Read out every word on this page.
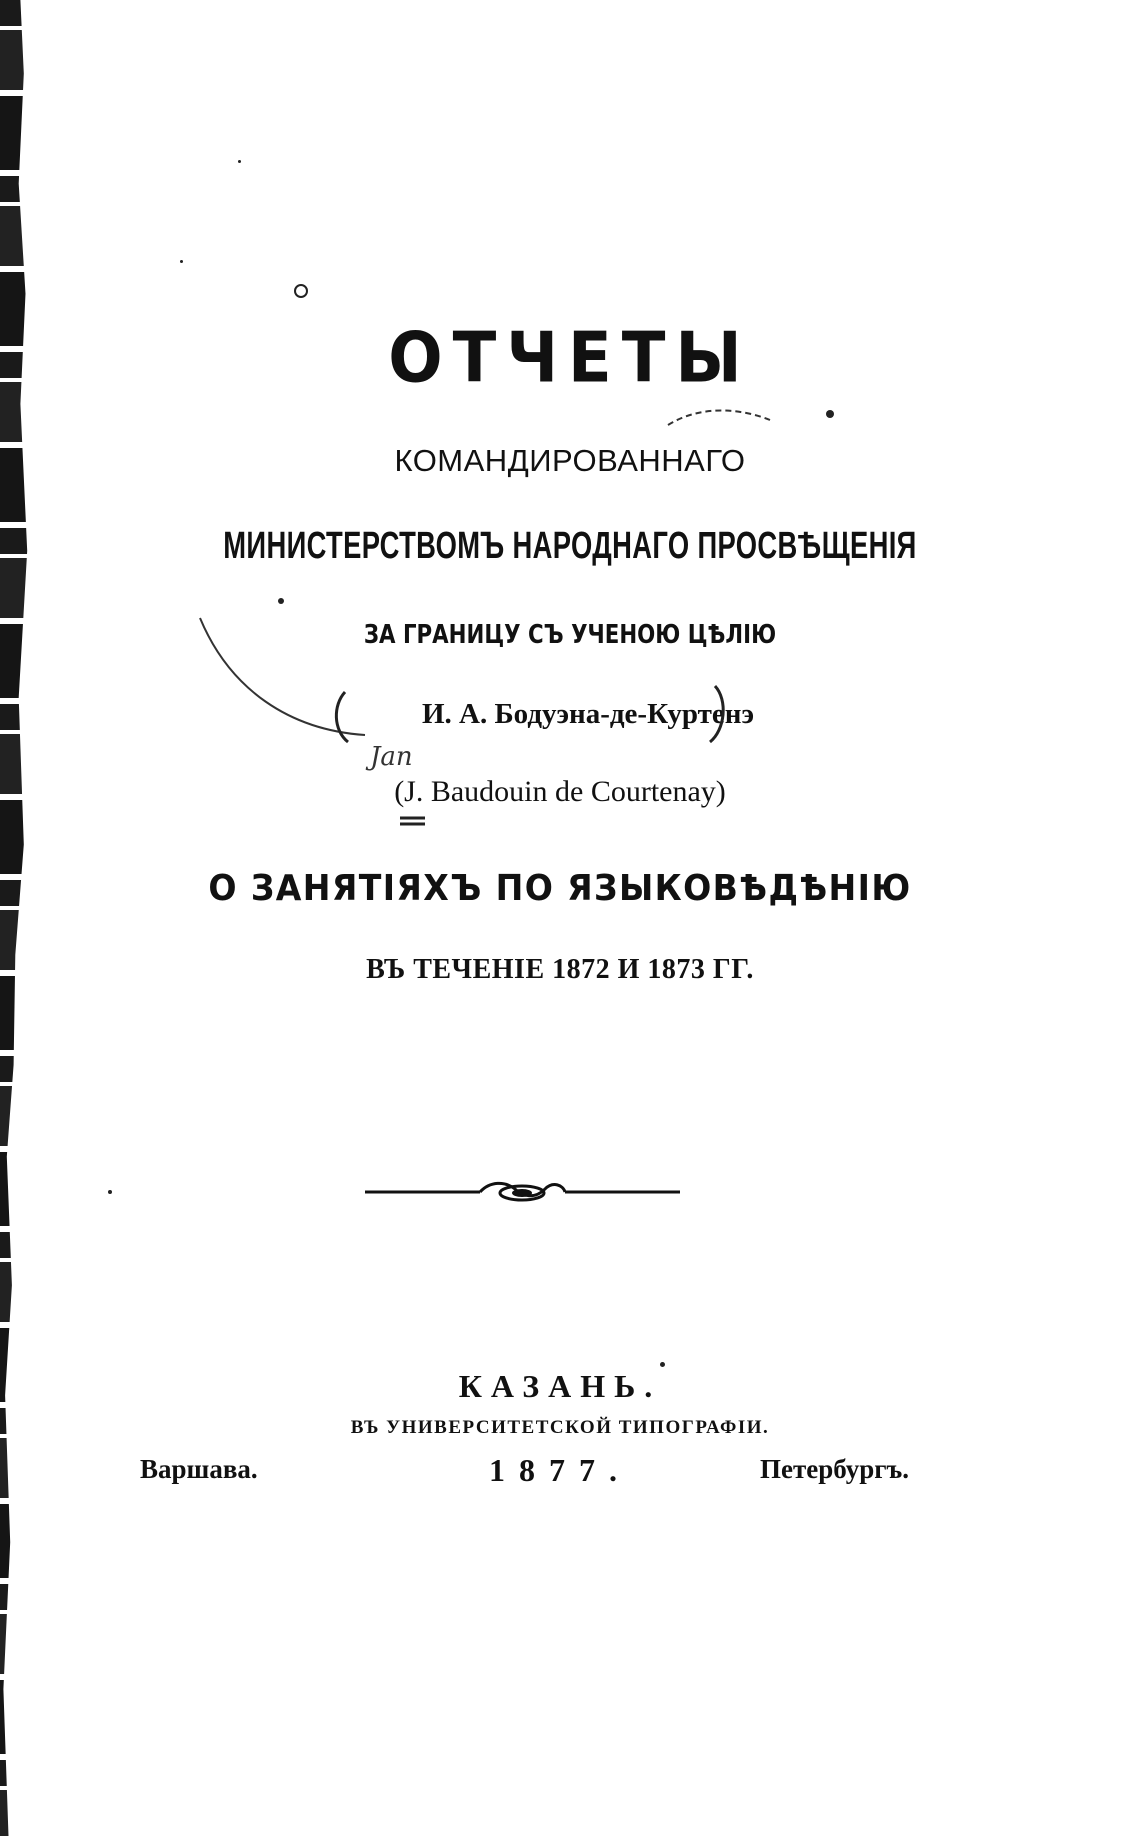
ОТЧЕТЫ
КОМАНДИРОВАННАГО
МИНИСТЕРСТВОМЪ НАРОДНАГО ПРОСВѢЩЕНІЯ
ЗА ГРАНИЦУ СЪ УЧЕНОЮ ЦѢЛІЮ
И. А. Бодуэна-де-Куртенэ
(J. Baudouin de Courtenay)
О ЗАНЯТІЯХЪ ПО ЯЗЫКОВѢДѢНІЮ
ВЪ ТЕЧЕНІЕ 1872 И 1873 ГГ.
КАЗАНЬ.
ВЪ УНИВЕРСИТЕТСКОЙ ТИПОГРАФІИ.
1877.
Варшава.	Петербургъ.
Jan
